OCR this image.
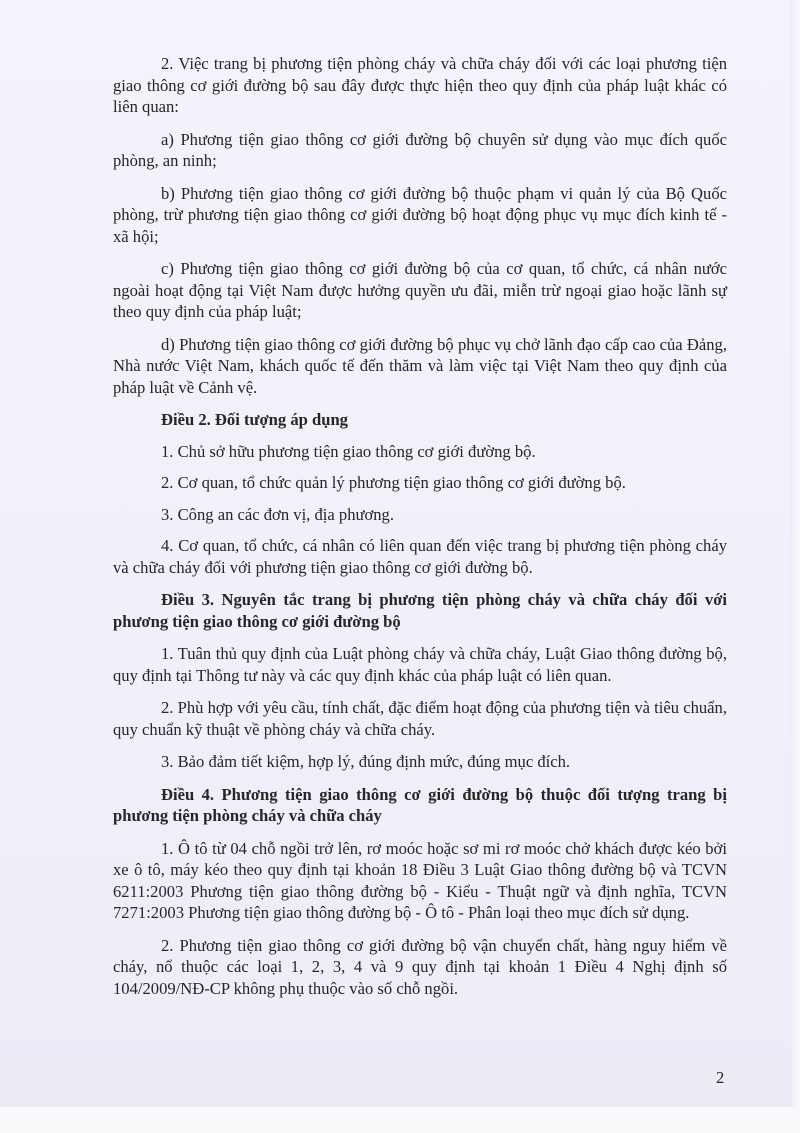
2. Việc trang bị phương tiện phòng cháy và chữa cháy đối với các loại phương tiện giao thông cơ giới đường bộ sau đây được thực hiện theo quy định của pháp luật khác có liên quan:

a) Phương tiện giao thông cơ giới đường bộ chuyên sử dụng vào mục đích quốc phòng, an ninh;

b) Phương tiện giao thông cơ giới đường bộ thuộc phạm vi quản lý của Bộ Quốc phòng, trừ phương tiện giao thông cơ giới đường bộ hoạt động phục vụ mục đích kinh tế - xã hội;

c) Phương tiện giao thông cơ giới đường bộ của cơ quan, tổ chức, cá nhân nước ngoài hoạt động tại Việt Nam được hưởng quyền ưu đãi, miễn trừ ngoại giao hoặc lãnh sự theo quy định của pháp luật;

d) Phương tiện giao thông cơ giới đường bộ phục vụ chở lãnh đạo cấp cao của Đảng, Nhà nước Việt Nam, khách quốc tế đến thăm và làm việc tại Việt Nam theo quy định của pháp luật về Cảnh vệ.

Điều 2. Đối tượng áp dụng

1. Chủ sở hữu phương tiện giao thông cơ giới đường bộ.

2. Cơ quan, tổ chức quản lý phương tiện giao thông cơ giới đường bộ.

3. Công an các đơn vị, địa phương.

4. Cơ quan, tổ chức, cá nhân có liên quan đến việc trang bị phương tiện phòng cháy và chữa cháy đối với phương tiện giao thông cơ giới đường bộ.

Điều 3. Nguyên tắc trang bị phương tiện phòng cháy và chữa cháy đối với phương tiện giao thông cơ giới đường bộ

1. Tuân thủ quy định của Luật phòng cháy và chữa cháy, Luật Giao thông đường bộ, quy định tại Thông tư này và các quy định khác của pháp luật có liên quan.

2. Phù hợp với yêu cầu, tính chất, đặc điểm hoạt động của phương tiện và tiêu chuẩn, quy chuẩn kỹ thuật về phòng cháy và chữa cháy.

3. Bảo đảm tiết kiệm, hợp lý, đúng định mức, đúng mục đích.

Điều 4. Phương tiện giao thông cơ giới đường bộ thuộc đối tượng trang bị phương tiện phòng cháy và chữa cháy

1. Ô tô từ 04 chỗ ngồi trở lên, rơ moóc hoặc sơ mi rơ moóc chở khách được kéo bởi xe ô tô, máy kéo theo quy định tại khoản 18 Điều 3 Luật Giao thông đường bộ và TCVN 6211:2003 Phương tiện giao thông đường bộ - Kiểu - Thuật ngữ và định nghĩa, TCVN 7271:2003 Phương tiện giao thông đường bộ - Ô tô - Phân loại theo mục đích sử dụng.

2. Phương tiện giao thông cơ giới đường bộ vận chuyển chất, hàng nguy hiểm về cháy, nổ thuộc các loại 1, 2, 3, 4 và 9 quy định tại khoản 1 Điều 4 Nghị định số 104/2009/NĐ-CP không phụ thuộc vào số chỗ ngồi.

2
